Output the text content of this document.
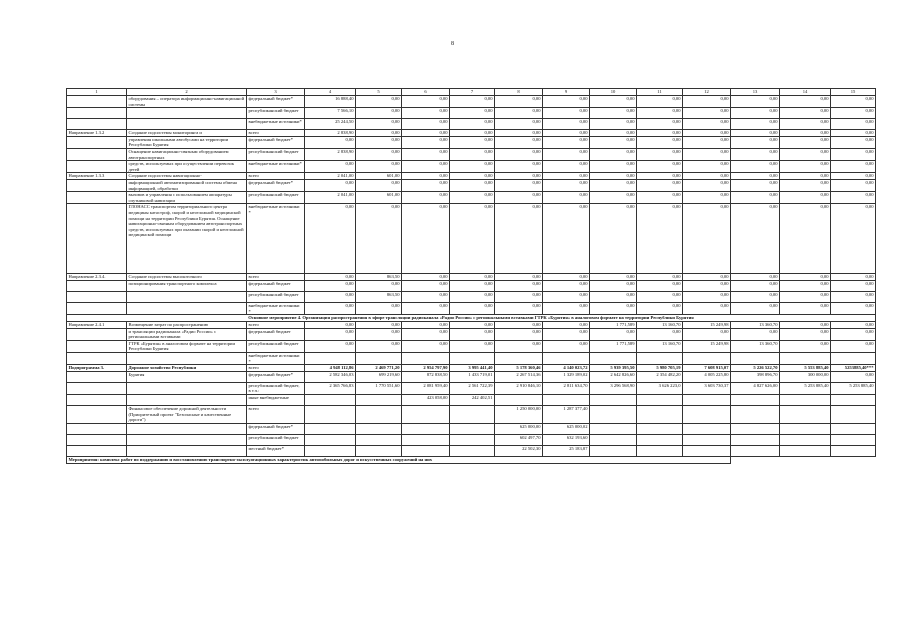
8
1	2	3	4	5	6	7	8	9	10	11	12	13	14	15
	оборудования – оператора информационно-навигационной системы	федеральный бюджет*	16 888,40	0,00	0,00	0,00	0,00	0,00	0,00	0,00	0,00	0,00	0,00	0,00
		республиканский бюджет	7 566,10	0,00	0,00	0,00	0,00	0,00	0,00	0,00	0,00	0,00	0,00	0,00
		внебюджетные источники*	25 244,50	0,00	0,00	0,00	0,00	0,00	0,00	0,00	0,00	0,00	0,00	0,00
Направление 1.3.2	Создание подсистемы мониторинга и	всего	2 838,90	0,00	0,00	0,00	0,00	0,00	0,00	0,00	0,00	0,00	0,00	0,00
	управления школьными автобусами на территории Республики Бурятия	федеральный бюджет*	0,00	0,00	0,00	0,00	0,00	0,00	0,00	0,00	0,00	0,00	0,00	0,00
	Оснащение навигационно-связным оборудованием автотранспортных	республиканский бюджет	2 838,90	0,00	0,00	0,00	0,00	0,00	0,00	0,00	0,00	0,00	0,00	0,00
	средств, используемых при осуществлении перевозок детей	внебюджетные источники*	0,00	0,00	0,00	0,00	0,00	0,00	0,00	0,00	0,00	0,00	0,00	0,00
Направление 1.3.3	Создание подсистемы навигационно-	всего	2 041,00	601,00	0,00	0,00	0,00	0,00	0,00	0,00	0,00	0,00	0,00	0,00
	информационной автоматизированной системы обмена информацией, обработки	федеральный бюджет*	0,00	0,00	0,00	0,00	0,00	0,00	0,00	0,00	0,00	0,00	0,00	0,00
	вызовов и управления с использованием аппаратуры спутниковой навигации	республиканский бюджет	2 041,00	601,00	0,00	0,00	0,00	0,00	0,00	0,00	0,00	0,00	0,00	0,00
	ГЛОНАСС транспортом территориального центра медицины катастроф, скорой и неотложной медицинской помощи на территории Республики Бурятия. Оснащение навигационно-связным оборудованием автотранспортных средств, используемых при оказании скорой и неотложной медицинской помощи	внебюджетные источники *	0,00	0,00	0,00	0,00	0,00	0,00	0,00	0,00	0,00	0,00	0,00	0,00
Направление 2.3.4.	Создание подсистемы высокоточного	всего	0,00	863,50	0,00	0,00	0,00	0,00	0,00	0,00	0,00	0,00	0,00	0,00
	позиционирования транспортного комплекса	федеральный бюджет	0,00	0,00	0,00	0,00	0,00	0,00	0,00	0,00	0,00	0,00	0,00	0,00
		республиканский бюджет	0,00	863,50	0,00	0,00	0,00	0,00	0,00	0,00	0,00	0,00	0,00	0,00
		внебюджетные источники *	0,00	0,00	0,00	0,00	0,00	0,00	0,00	0,00	0,00	0,00	0,00	0,00
Основное мероприятие 4. Организация распространения в эфире трансляции радиоканала «Радио России» с региональными вставками ГТРК «Бурятия» в аналоговом формате на территории Республики Бурятия														
Направление 2.4.1	Возмещение затрат по распространению	всего	0,00	0,00	0,00	0,00	0,00	0,00	1 771,589	13 160,70	15 249,98	13 360,70	0,00	0,00
	и трансляции радиоканала «Радио России» с региональными вставками	федеральный бюджет	0,00	0,00	0,00	0,00	0,00	0,00	0,00	0,00	0,00	0,00	0,00	0,00
	ГТРК «Бурятия» в аналоговом формате на территории Республики Бурятия	республиканский бюджет	0,00	0,00	0,00	0,00	0,00	0,00	1 771,589	13 160,70	15 249,98	13 360,70	0,00	0,00
		внебюджетные источники *												
Подпрограмма 3.	Дорожное хозяйство Республики	всего	4 948 112,86	2 469 771,20	2 954 797,90	3 995 441,40	5 178 360,46	4 140 023,72	5 939 395,50	5 980 705,19	7 608 915,07	5 226 522,70	5 553 885,40	5253885,40***
	Бурятия	федеральный бюджет*	2 582 346,03	699 219,60	872 838,50	1 433 719,01	2 267 514,36	1 329 189,02	2 642 826,60	2 354 482,20	4 005 225,80	398 896,70	300 000,00	0,00
		республиканский бюджет, в т.ч.:	2 365 766,83	1 770 551,60	2 081 959,40	2 561 722,39	2 910 846,10	2 811 634,70	3 296 568,90	3 626 223,0	3 603 730,37	4 827 626,00	5 253 885,40	5 253 885,40
		иные внебюджетные			423 058,00	242 402,51								
	Финансовое обеспечение дорожной деятельности (Приоритетный проект "Безопасные и качественные дороги")	всего					1 250 000,00	1 287 377,40						
		федеральный бюджет*					625 000,00	625 000,02						
		республиканский бюджет					602 497,70	632 193,60						
		местный бюджет*					22 502,30	25 183,87						
Мероприятия: комплекс работ по поддержанию и восстановлению транспортно-эксплуатационных характеристик автомобильных дорог и искусственных сооружений на них														
